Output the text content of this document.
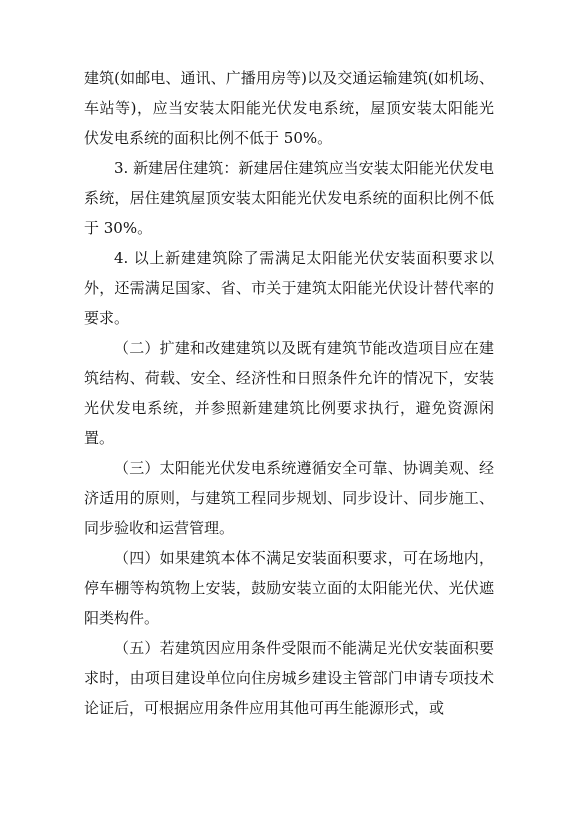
建筑(如邮电、通讯、广播用房等)以及交通运输建筑(如机场、车站等)，应当安装太阳能光伏发电系统，屋顶安装太阳能光伏发电系统的面积比例不低于 50%。

3. 新建居住建筑：新建居住建筑应当安装太阳能光伏发电系统，居住建筑屋顶安装太阳能光伏发电系统的面积比例不低于 30%。

4. 以上新建建筑除了需满足太阳能光伏安装面积要求以外，还需满足国家、省、市关于建筑太阳能光伏设计替代率的要求。

（二）扩建和改建建筑以及既有建筑节能改造项目应在建筑结构、荷载、安全、经济性和日照条件允许的情况下，安装光伏发电系统，并参照新建建筑比例要求执行，避免资源闲置。

（三）太阳能光伏发电系统遵循安全可靠、协调美观、经济适用的原则，与建筑工程同步规划、同步设计、同步施工、同步验收和运营管理。

（四）如果建筑本体不满足安装面积要求，可在场地内，停车棚等构筑物上安装，鼓励安装立面的太阳能光伏、光伏遮阳类构件。

（五）若建筑因应用条件受限而不能满足光伏安装面积要求时，由项目建设单位向住房城乡建设主管部门申请专项技术论证后，可根据应用条件应用其他可再生能源形式，或
